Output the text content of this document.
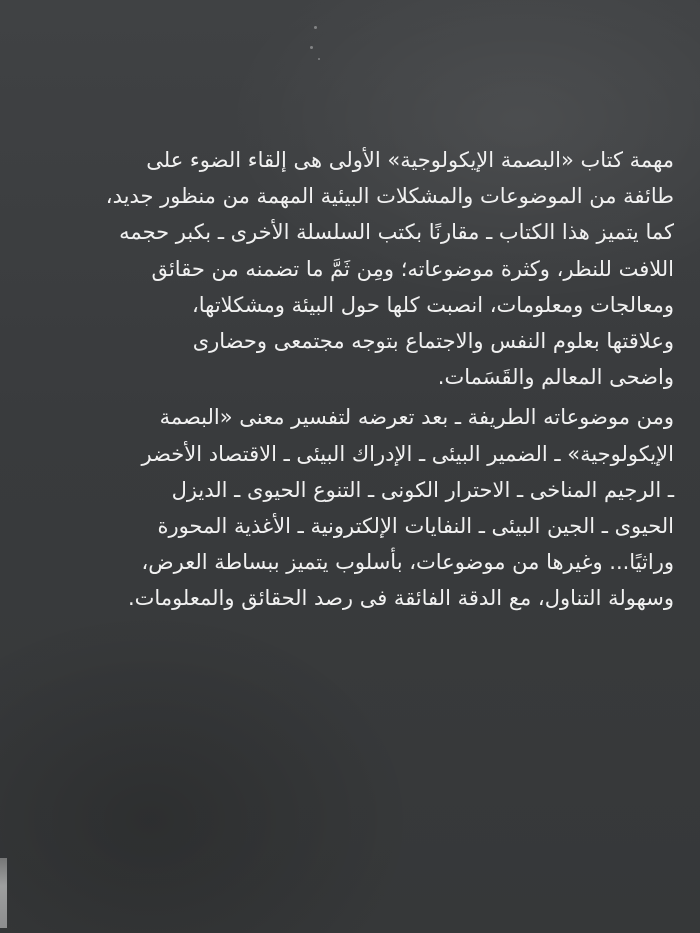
مهمة كتاب «البصمة الإيكولوجية» الأولى هى إلقاء الضوء على
طائفة من الموضوعات والمشكلات البيئية المهمة من منظور جديد،
كما يتميز هذا الكتاب ـ مقارنًا بكتب السلسلة الأخرى ـ بكبر حجمه
اللافت للنظر، وكثرة موضوعاته؛ ومِن ثَمَّ ما تضمنه من حقائق
ومعالجات ومعلومات، انصبت كلها حول البيئة ومشكلاتها،
وعلاقتها بعلوم النفس والاجتماع بتوجه مجتمعى وحضارى
واضحى المعالم والقَسَمات.
ومن موضوعاته الطريفة ـ بعد تعرضه لتفسير معنى «البصمة
الإيكولوجية» ـ الضمير البيئى ـ الإدراك البيئى ـ الاقتصاد الأخضر
ـ الرجيم المناخى ـ الاحترار الكونى ـ التنوع الحيوى ـ الديزل
الحيوى ـ الجين البيئى ـ النفايات الإلكترونية ـ الأغذية المحورة
وراثيًا... وغيرها من موضوعات، بأسلوب يتميز ببساطة العرض،
وسهولة التناول، مع الدقة الفائقة فى رصد الحقائق والمعلومات.
